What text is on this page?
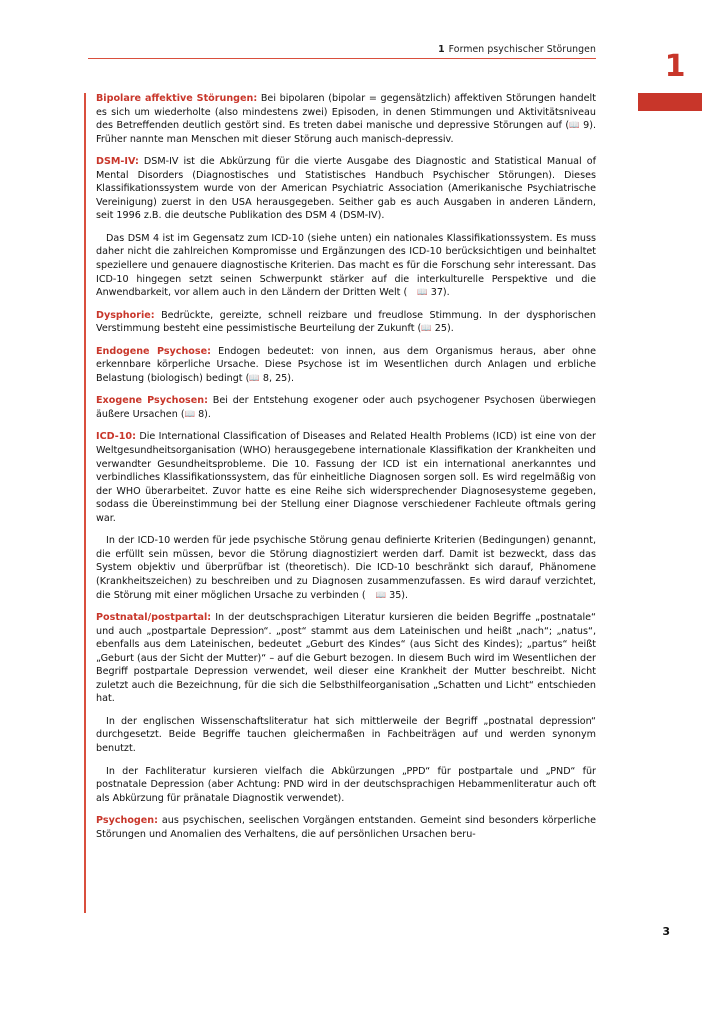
1 Formen psychischer Störungen	1

Bipolare affektive Störungen: Bei bipolaren (bipolar = gegensätzlich) affektiven Störungen handelt es sich um wiederholte (also mindestens zwei) Episoden, in denen Stimmungen und Aktivitätsniveau des Betreffenden deutlich gestört sind. Es treten dabei manische und depressive Störungen auf (📖 9). Früher nannte man Menschen mit dieser Störung auch manisch-depressiv.

DSM-IV: DSM-IV ist die Abkürzung für die vierte Ausgabe des Diagnostic and Statistical Manual of Mental Disorders (Diagnostisches und Statistisches Handbuch Psychischer Störungen). Dieses Klassifikationssystem wurde von der American Psychiatric Association (Amerikanische Psychiatrische Vereinigung) zuerst in den USA herausgegeben. Seither gab es auch Ausgaben in anderen Ländern, seit 1996 z.B. die deutsche Publikation des DSM 4 (DSM-IV).

Das DSM 4 ist im Gegensatz zum ICD-10 (siehe unten) ein nationales Klassifikationssystem. Es muss daher nicht die zahlreichen Kompromisse und Ergänzungen des ICD-10 berücksichtigen und beinhaltet speziellere und genauere diagnostische Kriterien. Das macht es für die Forschung sehr interessant. Das ICD-10 hingegen setzt seinen Schwerpunkt stärker auf die interkulturelle Perspektive und die Anwendbarkeit, vor allem auch in den Ländern der Dritten Welt ( 📖 37).

Dysphorie: Bedrückte, gereizte, schnell reizbare und freudlose Stimmung. In der dysphorischen Verstimmung besteht eine pessimistische Beurteilung der Zukunft (📖 25).

Endogene Psychose: Endogen bedeutet: von innen, aus dem Organismus heraus, aber ohne erkennbare körperliche Ursache. Diese Psychose ist im Wesentlichen durch Anlagen und erbliche Belastung (biologisch) bedingt (📖 8, 25).

Exogene Psychosen: Bei der Entstehung exogener oder auch psychogener Psychosen überwiegen äußere Ursachen (📖 8).

ICD-10: Die International Classification of Diseases and Related Health Problems (ICD) ist eine von der Weltgesundheitsorganisation (WHO) herausgegebene internationale Klassifikation der Krankheiten und verwandter Gesundheitsprobleme. Die 10. Fassung der ICD ist ein international anerkanntes und verbindliches Klassifikationssystem, das für einheitliche Diagnosen sorgen soll. Es wird regelmäßig von der WHO überarbeitet. Zuvor hatte es eine Reihe sich widersprechender Diagnosesysteme gegeben, sodass die Übereinstimmung bei der Stellung einer Diagnose verschiedener Fachleute oftmals gering war.

In der ICD-10 werden für jede psychische Störung genau definierte Kriterien (Bedingungen) genannt, die erfüllt sein müssen, bevor die Störung diagnostiziert werden darf. Damit ist bezweckt, dass das System objektiv und überprüfbar ist (theoretisch). Die ICD-10 beschränkt sich darauf, Phänomene (Krankheitszeichen) zu beschreiben und zu Diagnosen zusammenzufassen. Es wird darauf verzichtet, die Störung mit einer möglichen Ursache zu verbinden ( 📖 35).

Postnatal/postpartal: In der deutschsprachigen Literatur kursieren die beiden Begriffe „postnatale“ und auch „postpartale Depression“. „post“ stammt aus dem Lateinischen und heißt „nach“; „natus“, ebenfalls aus dem Lateinischen, bedeutet „Geburt des Kindes“ (aus Sicht des Kindes); „partus“ heißt „Geburt (aus der Sicht der Mutter)“ – auf die Geburt bezogen. In diesem Buch wird im Wesentlichen der Begriff postpartale Depression verwendet, weil dieser eine Krankheit der Mutter beschreibt. Nicht zuletzt auch die Bezeichnung, für die sich die Selbsthilfeorganisation „Schatten und Licht“ entschieden hat.

In der englischen Wissenschaftsliteratur hat sich mittlerweile der Begriff „postnatal depression“ durchgesetzt. Beide Begriffe tauchen gleichermaßen in Fachbeiträgen auf und werden synonym benutzt.

In der Fachliteratur kursieren vielfach die Abkürzungen „PPD“ für postpartale und „PND“ für postnatale Depression (aber Achtung: PND wird in der deutschsprachigen Hebammenliteratur auch oft als Abkürzung für pränatale Diagnostik verwendet).

Psychogen: aus psychischen, seelischen Vorgängen entstanden. Gemeint sind besonders körperliche Störungen und Anomalien des Verhaltens, die auf persönlichen Ursachen beru-

3
